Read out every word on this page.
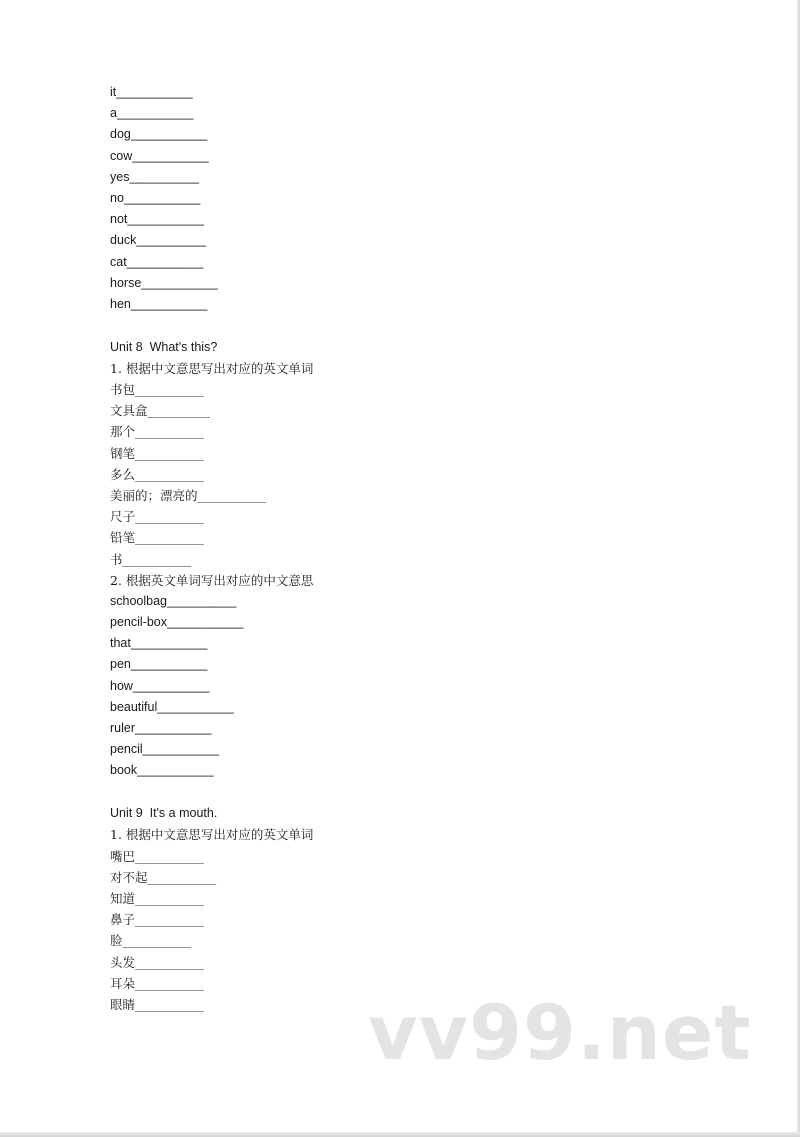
it___________
a___________
dog___________
cow___________
yes__________
no___________
not___________
duck__________
cat___________
horse___________
hen___________
Unit 8  What's this?
1. 根据中文意思写出对应的英文单词
书包___________
文具盒__________
那个___________
钢笔___________
多么___________
美丽的；漂亮的___________
尺子___________
铅笔___________
书___________
2. 根据英文单词写出对应的中文意思
schoolbag__________
pencil-box___________
that___________
pen___________
how___________
beautiful___________
ruler___________
pencil___________
book___________
Unit 9  It's a mouth.
1. 根据中文意思写出对应的英文单词
嘴巴___________
对不起___________
知道___________
鼻子___________
脸___________
头发___________
耳朵___________
眼睛___________	vv99.net
